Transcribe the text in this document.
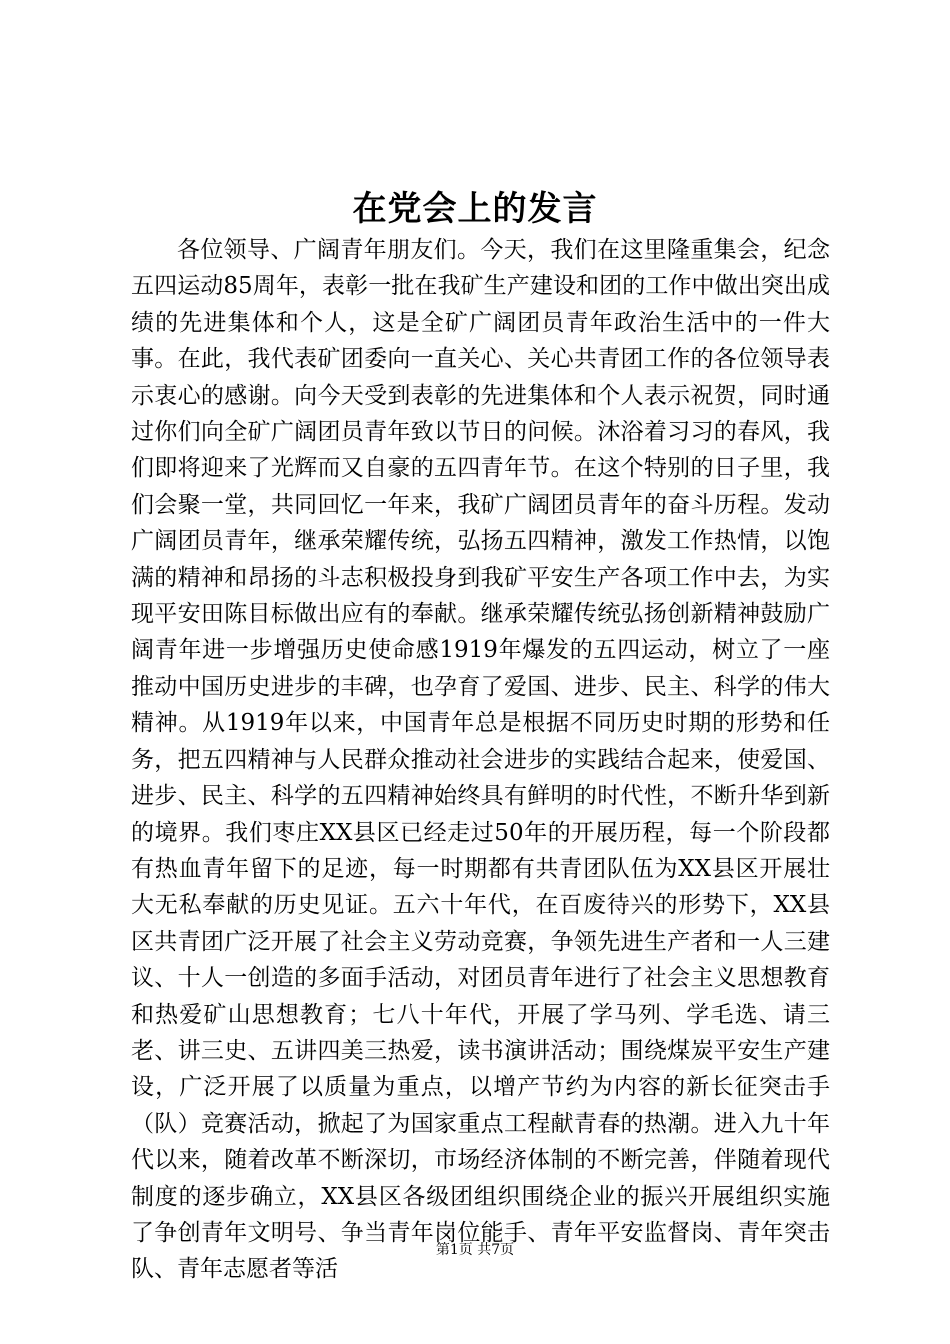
在党会上的发言

各位领导、广阔青年朋友们。今天，我们在这里隆重集会，纪念五四运动85周年，表彰一批在我矿生产建设和团的工作中做出突出成绩的先进集体和个人，这是全矿广阔团员青年政治生活中的一件大事。在此，我代表矿团委向一直关心、关心共青团工作的各位领导表示衷心的感谢。向今天受到表彰的先进集体和个人表示祝贺，同时通过你们向全矿广阔团员青年致以节日的问候。沐浴着习习的春风，我们即将迎来了光辉而又自豪的五四青年节。在这个特别的日子里，我们会聚一堂，共同回忆一年来，我矿广阔团员青年的奋斗历程。发动广阔团员青年，继承荣耀传统，弘扬五四精神，激发工作热情，以饱满的精神和昂扬的斗志积极投身到我矿平安生产各项工作中去，为实现平安田陈目标做出应有的奉献。继承荣耀传统弘扬创新精神鼓励广阔青年进一步增强历史使命感1919年爆发的五四运动，树立了一座推动中国历史进步的丰碑，也孕育了爱国、进步、民主、科学的伟大精神。从1919年以来，中国青年总是根据不同历史时期的形势和任务，把五四精神与人民群众推动社会进步的实践结合起来，使爱国、进步、民主、科学的五四精神始终具有鲜明的时代性，不断升华到新的境界。我们枣庄XX县区已经走过50年的开展历程，每一个阶段都有热血青年留下的足迹，每一时期都有共青团队伍为XX县区开展壮大无私奉献的历史见证。五六十年代，在百废待兴的形势下，XX县区共青团广泛开展了社会主义劳动竞赛，争领先进生产者和一人三建议、十人一创造的多面手活动，对团员青年进行了社会主义思想教育和热爱矿山思想教育；七八十年代，开展了学马列、学毛选、请三老、讲三史、五讲四美三热爱，读书演讲活动；围绕煤炭平安生产建设，广泛开展了以质量为重点，以增产节约为内容的新长征突击手（队）竞赛活动，掀起了为国家重点工程献青春的热潮。进入九十年代以来，随着改革不断深切，市场经济体制的不断完善，伴随着现代制度的逐步确立，XX县区各级团组织围绕企业的振兴开展组织实施了争创青年文明号、争当青年岗位能手、青年平安监督岗、青年突击队、青年志愿者等活

第1页 共7页
